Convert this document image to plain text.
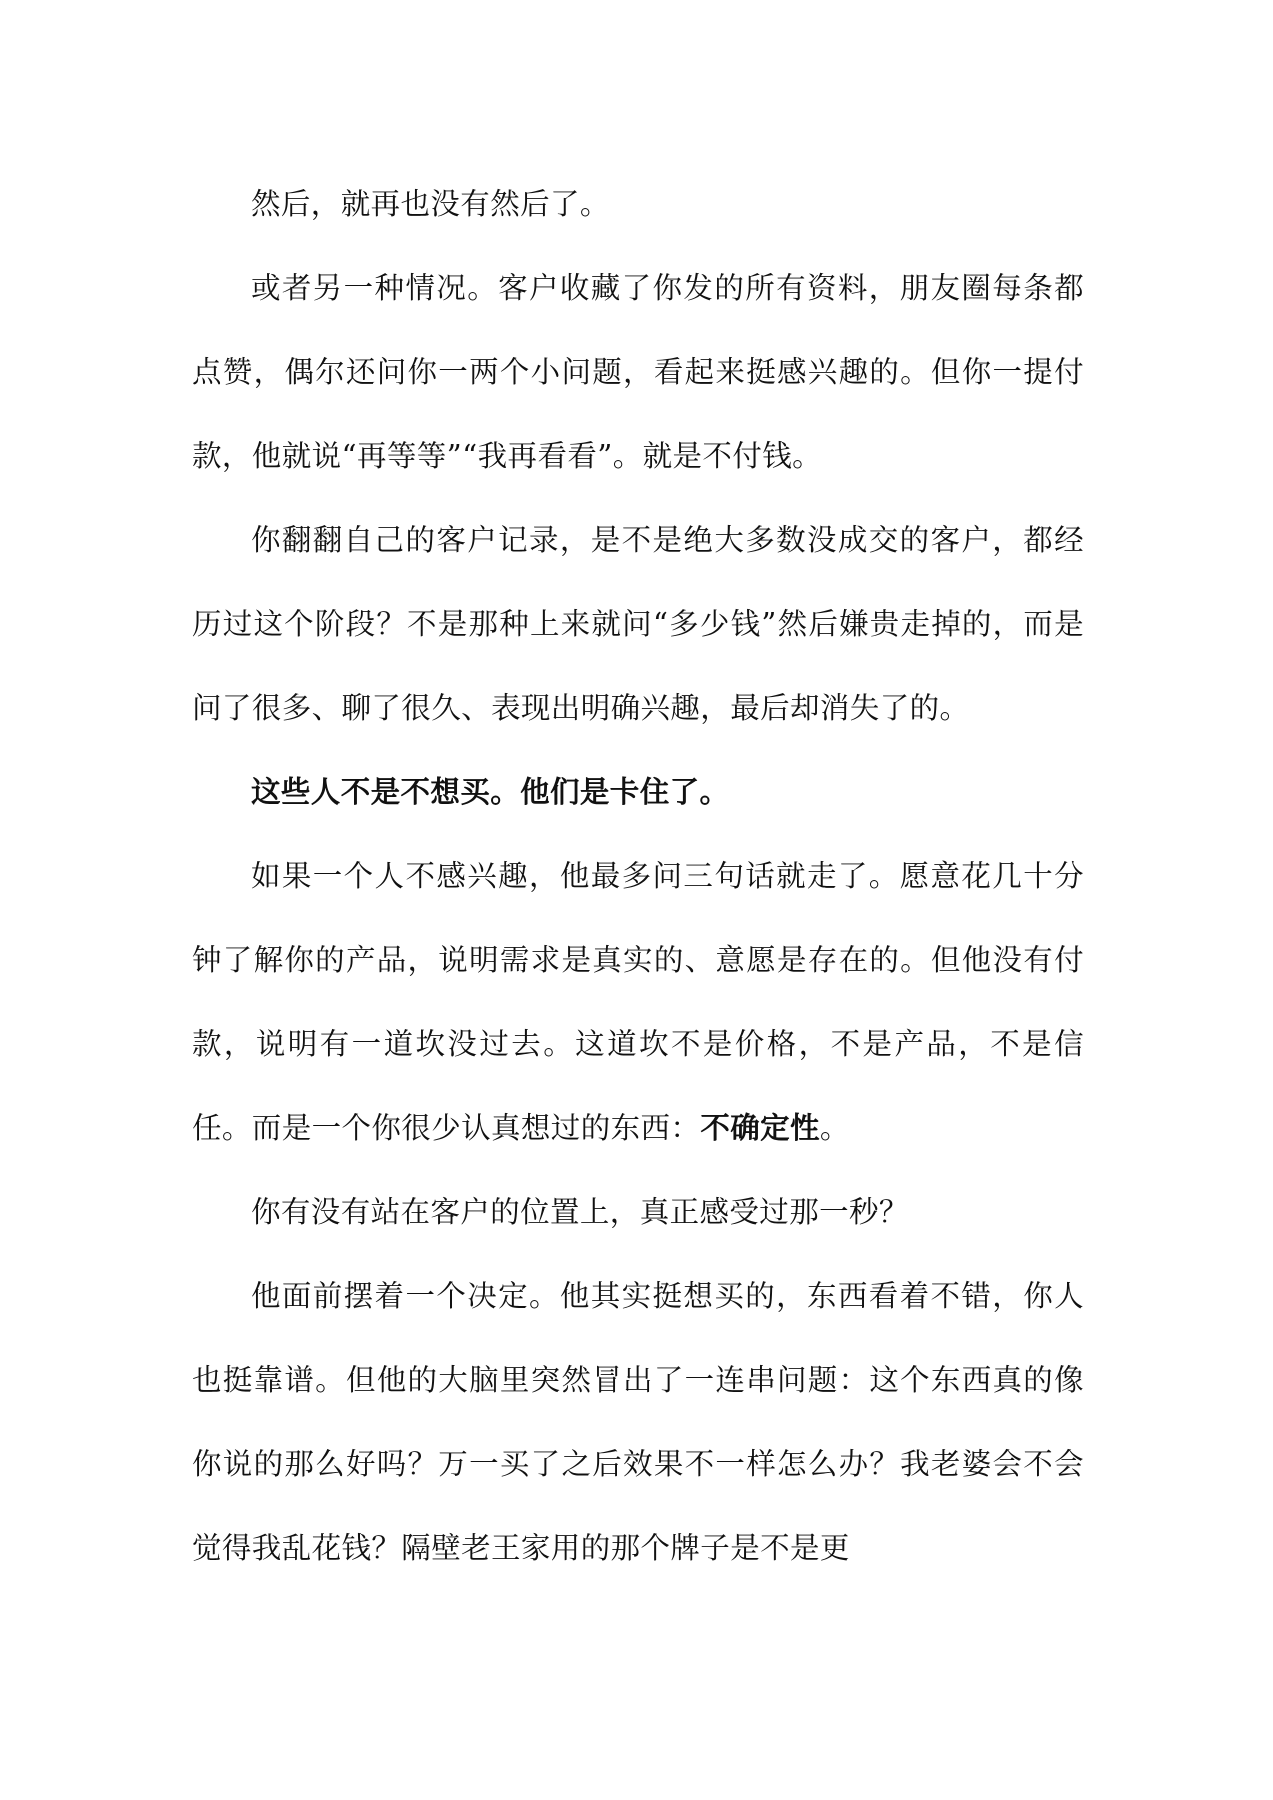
然后，就再也没有然后了。

或者另一种情况。客户收藏了你发的所有资料，朋友圈每条都点赞，偶尔还问你一两个小问题，看起来挺感兴趣的。但你一提付款，他就说“再等等”“我再看看”。就是不付钱。

你翻翻自己的客户记录，是不是绝大多数没成交的客户，都经历过这个阶段？不是那种上来就问“多少钱”然后嫌贵走掉的，而是问了很多、聊了很久、表现出明确兴趣，最后却消失了的。

这些人不是不想买。他们是卡住了。

如果一个人不感兴趣，他最多问三句话就走了。愿意花几十分钟了解你的产品，说明需求是真实的、意愿是存在的。但他没有付款，说明有一道坎没过去。这道坎不是价格，不是产品，不是信任。而是一个你很少认真想过的东西：不确定性。

你有没有站在客户的位置上，真正感受过那一秒？

他面前摆着一个决定。他其实挺想买的，东西看着不错，你人也挺靠谱。但他的大脑里突然冒出了一连串问题：这个东西真的像你说的那么好吗？万一买了之后效果不一样怎么办？我老婆会不会觉得我乱花钱？隔壁老王家用的那个牌子是不是更
